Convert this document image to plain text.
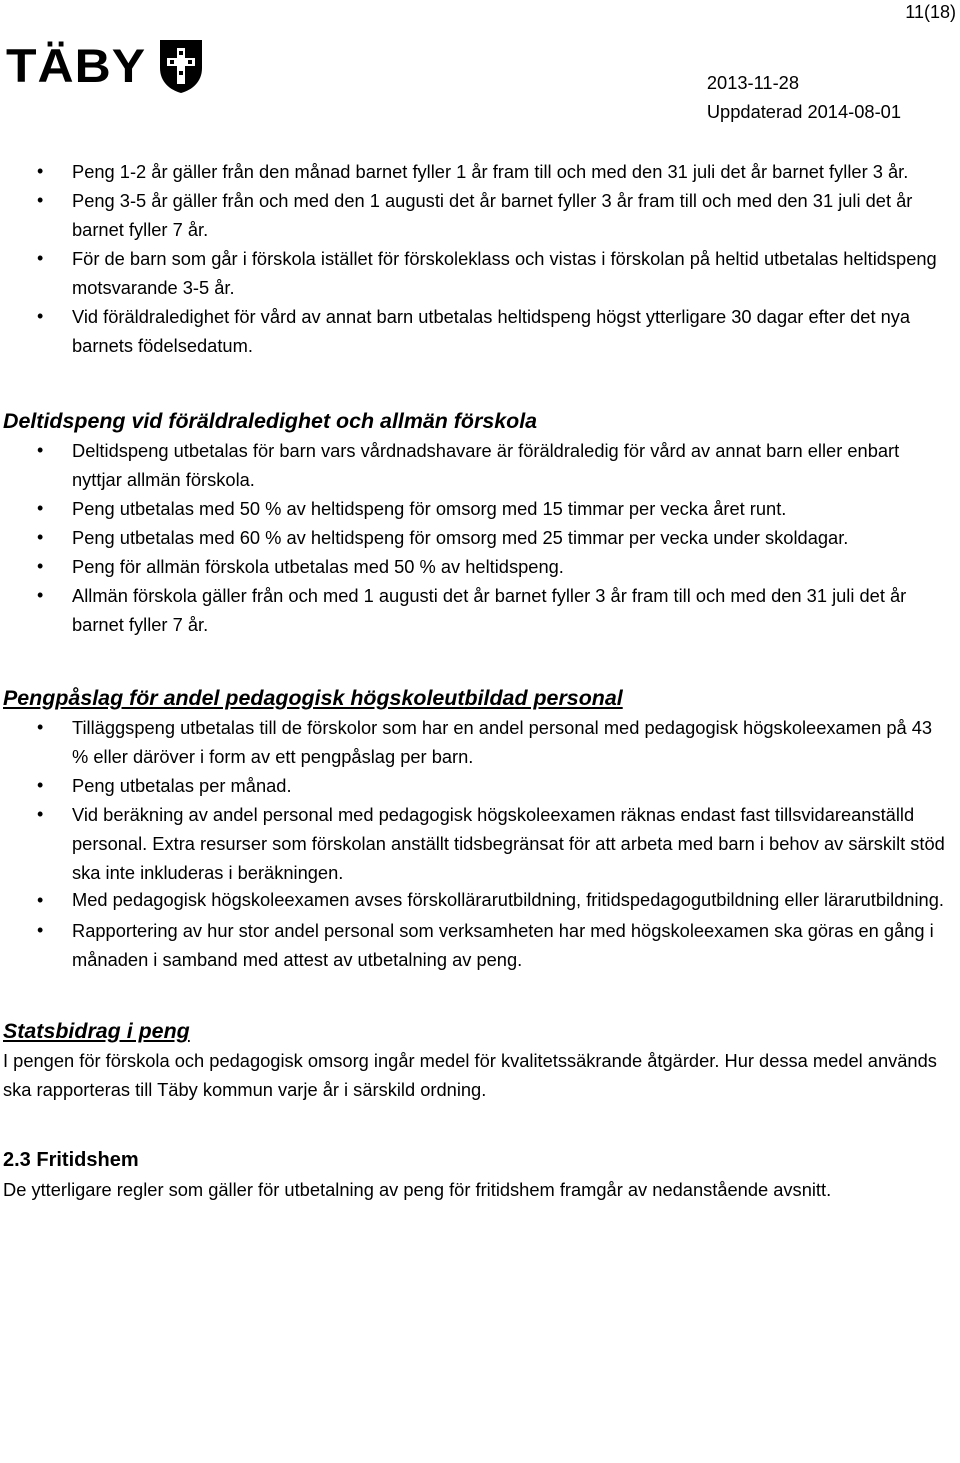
11(18)
TÄBY	2013-11-28
Uppdaterad 2014-08-01
• Peng 1-2 år gäller från den månad barnet fyller 1 år fram till och med den 31 juli det år barnet fyller 3 år.
• Peng 3-5 år gäller från och med den 1 augusti det år barnet fyller 3 år fram till och med den 31 juli det år barnet fyller 7 år.
• För de barn som går i förskola istället för förskoleklass och vistas i förskolan på heltid utbetalas heltidspeng motsvarande 3-5 år.
• Vid föräldraledighet för vård av annat barn utbetalas heltidspeng högst ytterligare 30 dagar efter det nya barnets födelsedatum.
Deltidspeng vid föräldraledighet och allmän förskola
• Deltidspeng utbetalas för barn vars vårdnadshavare är föräldraledig för vård av annat barn eller enbart nyttjar allmän förskola.
• Peng utbetalas med 50 % av heltidspeng för omsorg med 15 timmar per vecka året runt.
• Peng utbetalas med 60 % av heltidspeng för omsorg med 25 timmar per vecka under skoldagar.
• Peng för allmän förskola utbetalas med 50 % av heltidspeng.
• Allmän förskola gäller från och med 1 augusti det år barnet fyller 3 år fram till och med den 31 juli det år barnet fyller 7 år.
Pengpåslag för andel pedagogisk högskoleutbildad personal
• Tilläggspeng utbetalas till de förskolor som har en andel personal med pedagogisk högskoleexamen på 43 % eller däröver i form av ett pengpåslag per barn.
• Peng utbetalas per månad.
• Vid beräkning av andel personal med pedagogisk högskoleexamen räknas endast fast tillsvidareanställd personal. Extra resurser som förskolan anställt tidsbegränsat för att arbeta med barn i behov av särskilt stöd ska inte inkluderas i beräkningen.
• Med pedagogisk högskoleexamen avses förskollärarutbildning, fritidspedagogutbildning eller lärarutbildning.
• Rapportering av hur stor andel personal som verksamheten har med högskoleexamen ska göras en gång i månaden i samband med attest av utbetalning av peng.
Statsbidrag i peng

I pengen för förskola och pedagogisk omsorg ingår medel för kvalitetssäkrande åtgärder. Hur dessa medel används ska rapporteras till Täby kommun varje år i särskild ordning.

2.3 Fritidshem

De ytterligare regler som gäller för utbetalning av peng för fritidshem framgår av nedanstående avsnitt.
